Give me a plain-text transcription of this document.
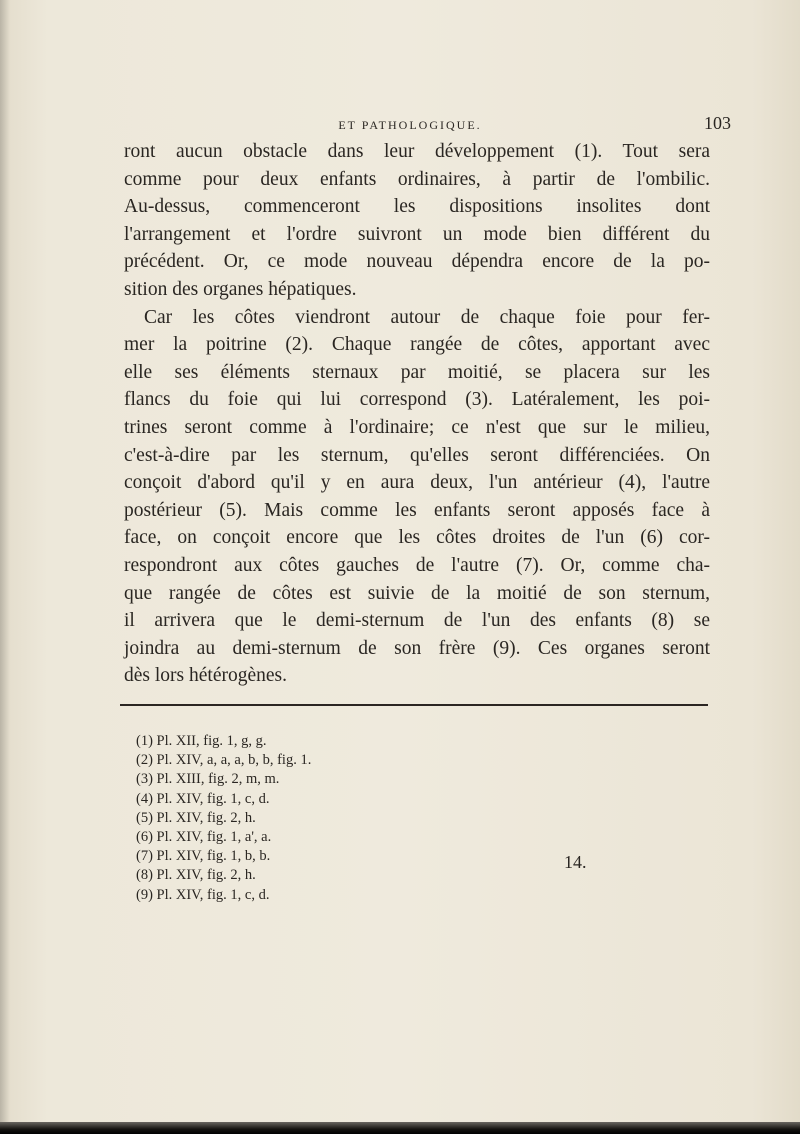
ET PATHOLOGIQUE.	103
ront aucun obstacle dans leur développement (1). Tout sera
comme pour deux enfants ordinaires, à partir de l'ombilic.
Au-dessus, commenceront les dispositions insolites dont
l'arrangement et l'ordre suivront un mode bien différent du
précédent. Or, ce mode nouveau dépendra encore de la po-
sition des organes hépatiques.
Car les côtes viendront autour de chaque foie pour fer-
mer la poitrine (2). Chaque rangée de côtes, apportant avec
elle ses éléments sternaux par moitié, se placera sur les
flancs du foie qui lui correspond (3). Latéralement, les poi-
trines seront comme à l'ordinaire; ce n'est que sur le milieu,
c'est-à-dire par les sternum, qu'elles seront différenciées. On
conçoit d'abord qu'il y en aura deux, l'un antérieur (4), l'autre
postérieur (5). Mais comme les enfants seront apposés face à
face, on conçoit encore que les côtes droites de l'un (6) cor-
respondront aux côtes gauches de l'autre (7). Or, comme cha-
que rangée de côtes est suivie de la moitié de son sternum,
il arrivera que le demi-sternum de l'un des enfants (8) se
joindra au demi-sternum de son frère (9). Ces organes seront
dès lors hétérogènes.
(1) Pl. XII, fig. 1, g, g.
(2) Pl. XIV, a, a, a, b, b, fig. 1.
(3) Pl. XIII, fig. 2, m, m.
(4) Pl. XIV, fig. 1, c, d.
(5) Pl. XIV, fig. 2, h.
(6) Pl. XIV, fig. 1, a', a.
(7) Pl. XIV, fig. 1, b, b.
(8) Pl. XIV, fig. 2, h.
(9) Pl. XIV, fig. 1, c, d.
14.
